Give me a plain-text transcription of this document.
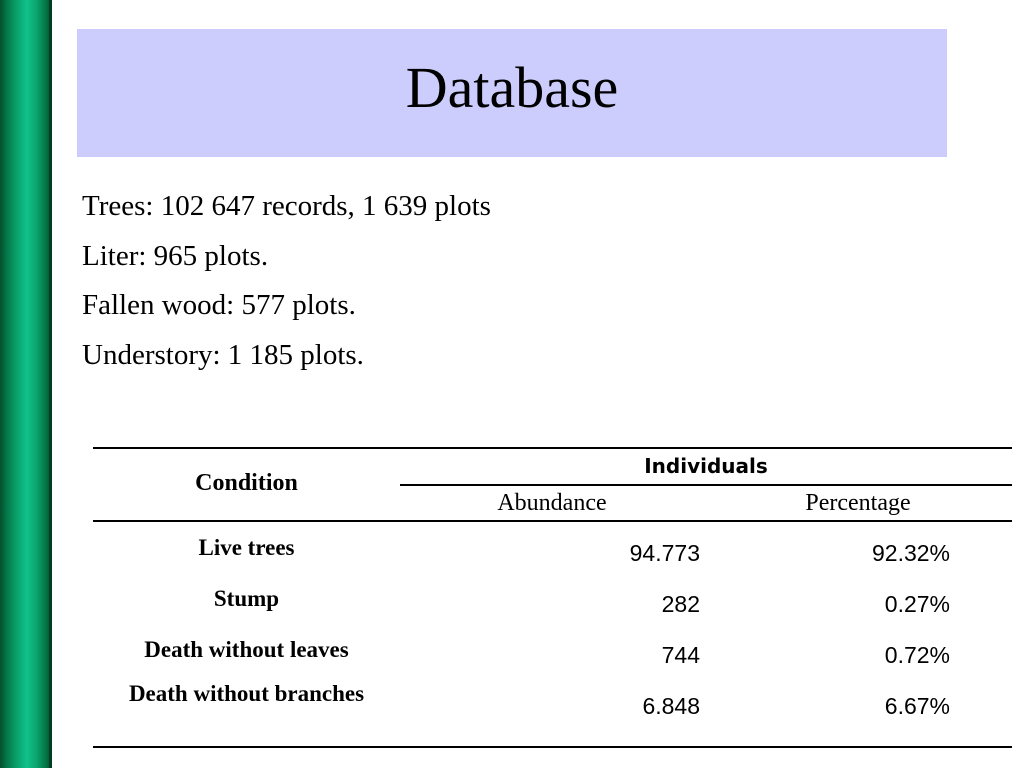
Database
Trees: 102 647 records, 1 639 plots
Liter: 965 plots.
Fallen wood: 577 plots.
Understory: 1 185 plots.
Condition
Individuals
Abundance	Percentage
Live trees	94.773	92.32%
Stump	282	0.27%
Death without leaves	744	0.72%
Death without branches	6.848	6.67%
